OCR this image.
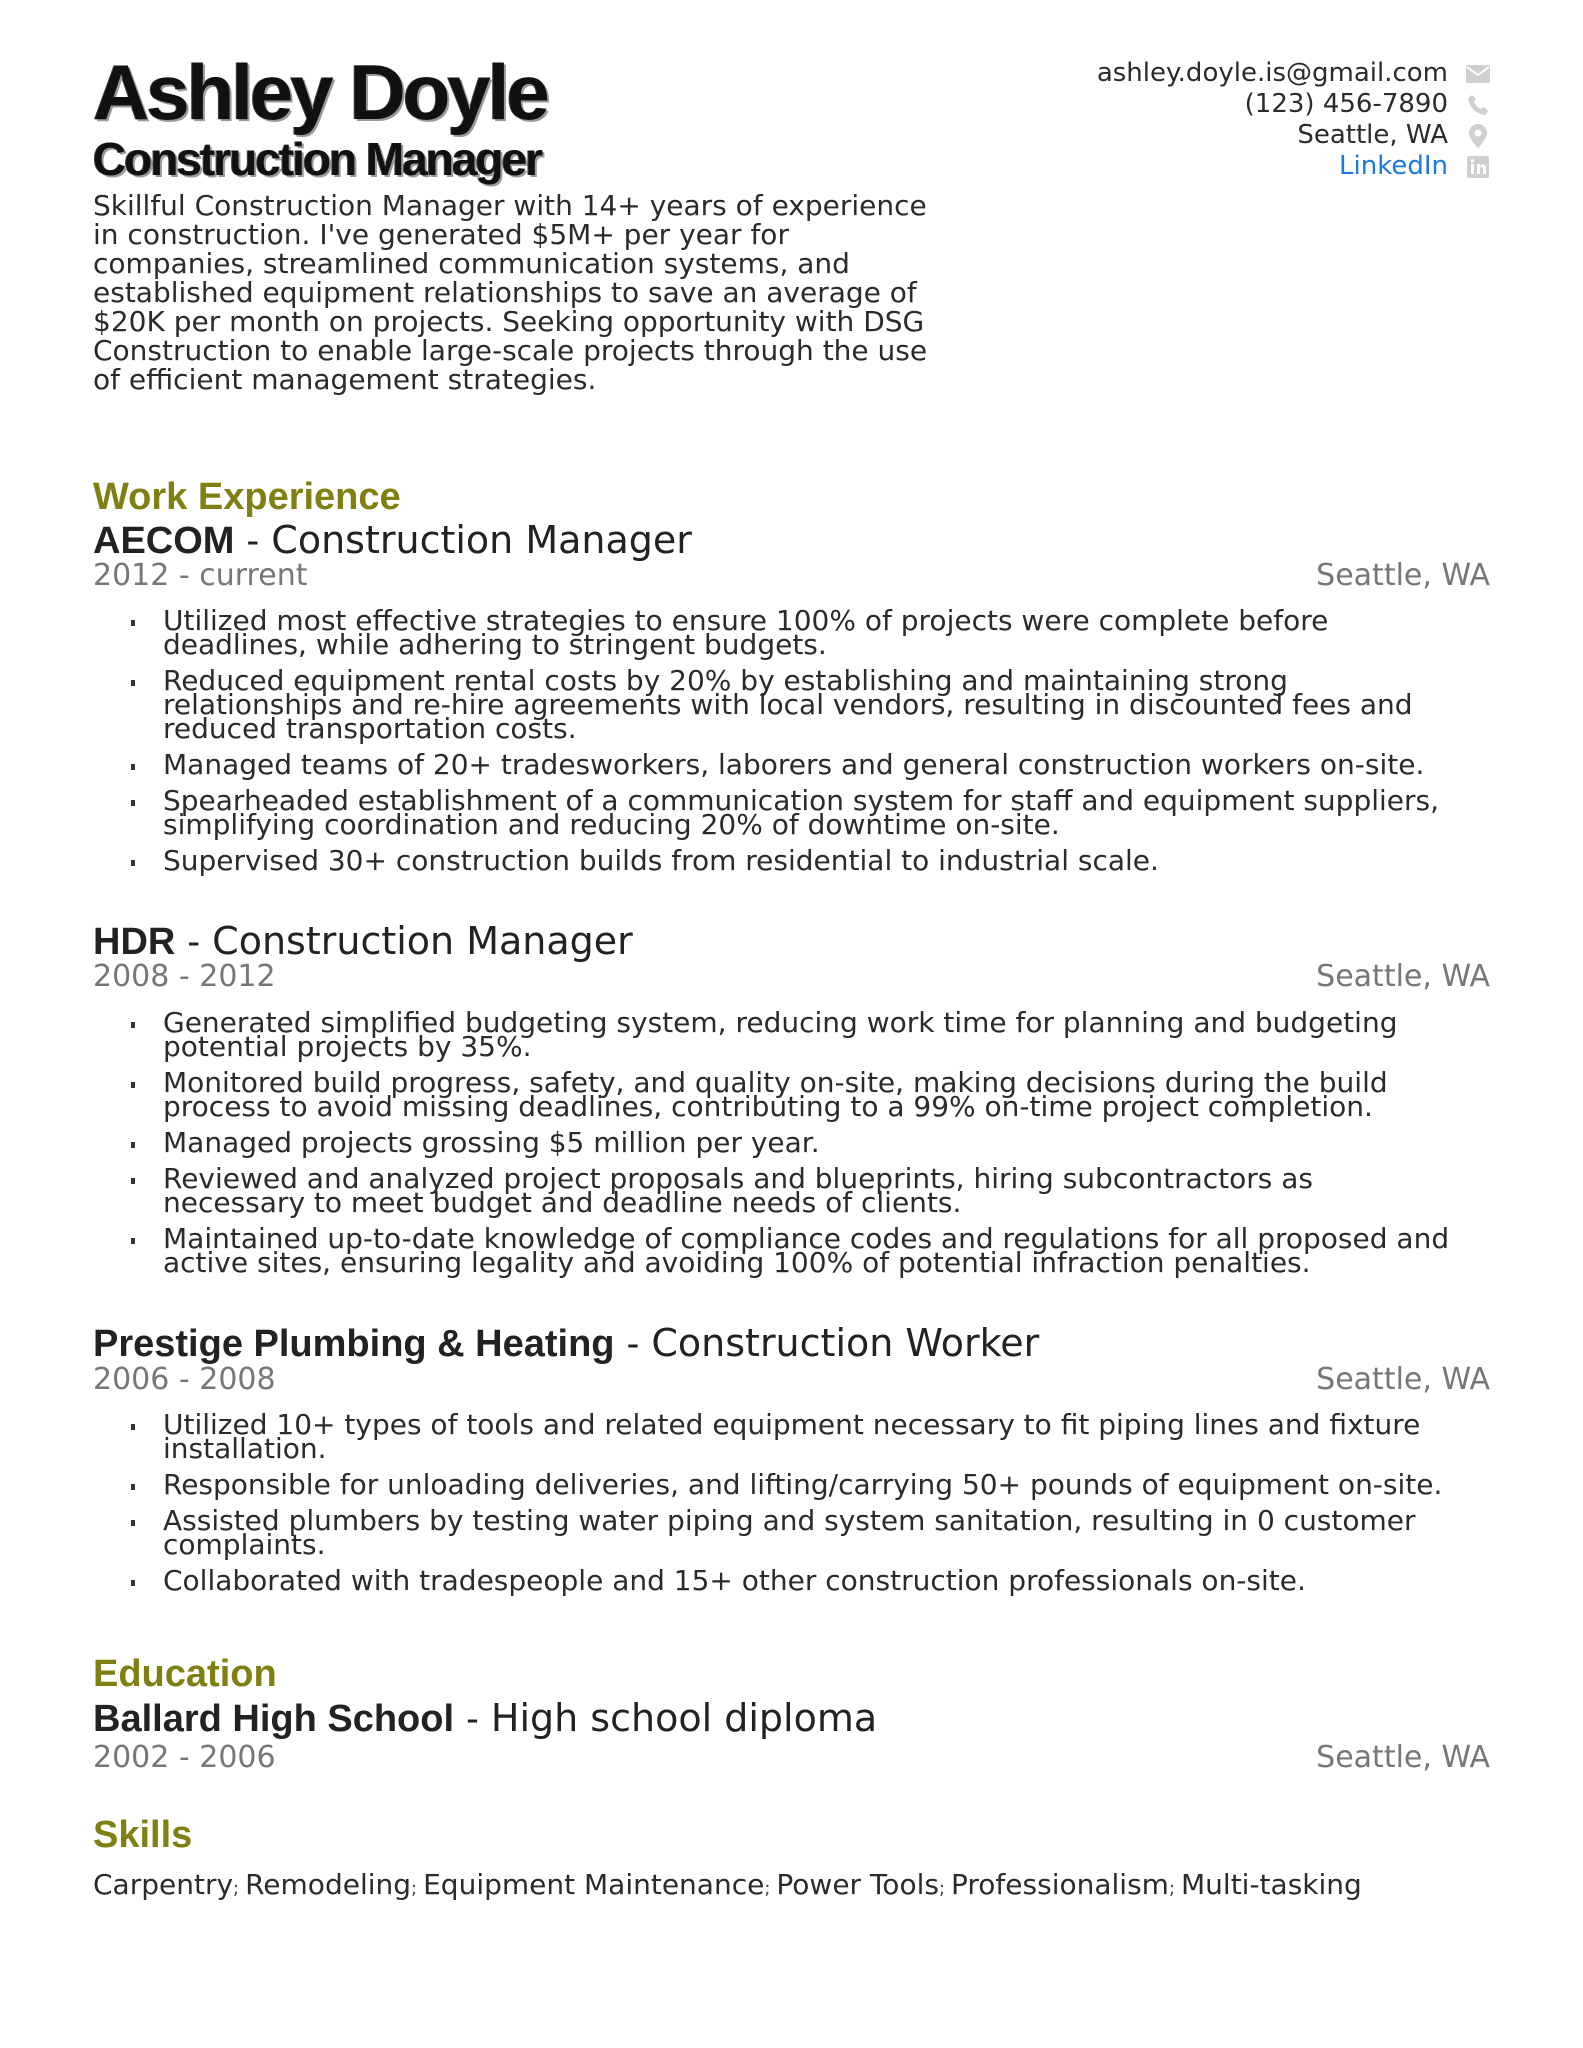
Ashley Doyle
Construction Manager
Skillful Construction Manager with 14+ years of experience in construction. I've generated $5M+ per year for companies, streamlined communication systems, and established equipment relationships to save an average of $20K per month on projects. Seeking opportunity with DSG Construction to enable large-scale projects through the use of efficient management strategies.
ashley.doyle.is@gmail.com
(123) 456-7890
Seattle, WA
LinkedIn
Work Experience
AECOM - Construction Manager
2012 - current	Seattle, WA
Utilized most effective strategies to ensure 100% of projects were complete before deadlines, while adhering to stringent budgets.
Reduced equipment rental costs by 20% by establishing and maintaining strong relationships and re-hire agreements with local vendors, resulting in discounted fees and reduced transportation costs.
Managed teams of 20+ tradesworkers, laborers and general construction workers on-site.
Spearheaded establishment of a communication system for staff and equipment suppliers, simplifying coordination and reducing 20% of downtime on-site.
Supervised 30+ construction builds from residential to industrial scale.
HDR - Construction Manager
2008 - 2012	Seattle, WA
Generated simplified budgeting system, reducing work time for planning and budgeting potential projects by 35%.
Monitored build progress, safety, and quality on-site, making decisions during the build process to avoid missing deadlines, contributing to a 99% on-time project completion.
Managed projects grossing $5 million per year.
Reviewed and analyzed project proposals and blueprints, hiring subcontractors as necessary to meet budget and deadline needs of clients.
Maintained up-to-date knowledge of compliance codes and regulations for all proposed and active sites, ensuring legality and avoiding 100% of potential infraction penalties.
Prestige Plumbing & Heating - Construction Worker
2006 - 2008	Seattle, WA
Utilized 10+ types of tools and related equipment necessary to fit piping lines and fixture installation.
Responsible for unloading deliveries, and lifting/carrying 50+ pounds of equipment on-site.
Assisted plumbers by testing water piping and system sanitation, resulting in 0 customer complaints.
Collaborated with tradespeople and 15+ other construction professionals on-site.
Education
Ballard High School - High school diploma
2002 - 2006	Seattle, WA
Skills
Carpentry; Remodeling; Equipment Maintenance; Power Tools; Professionalism; Multi-tasking
